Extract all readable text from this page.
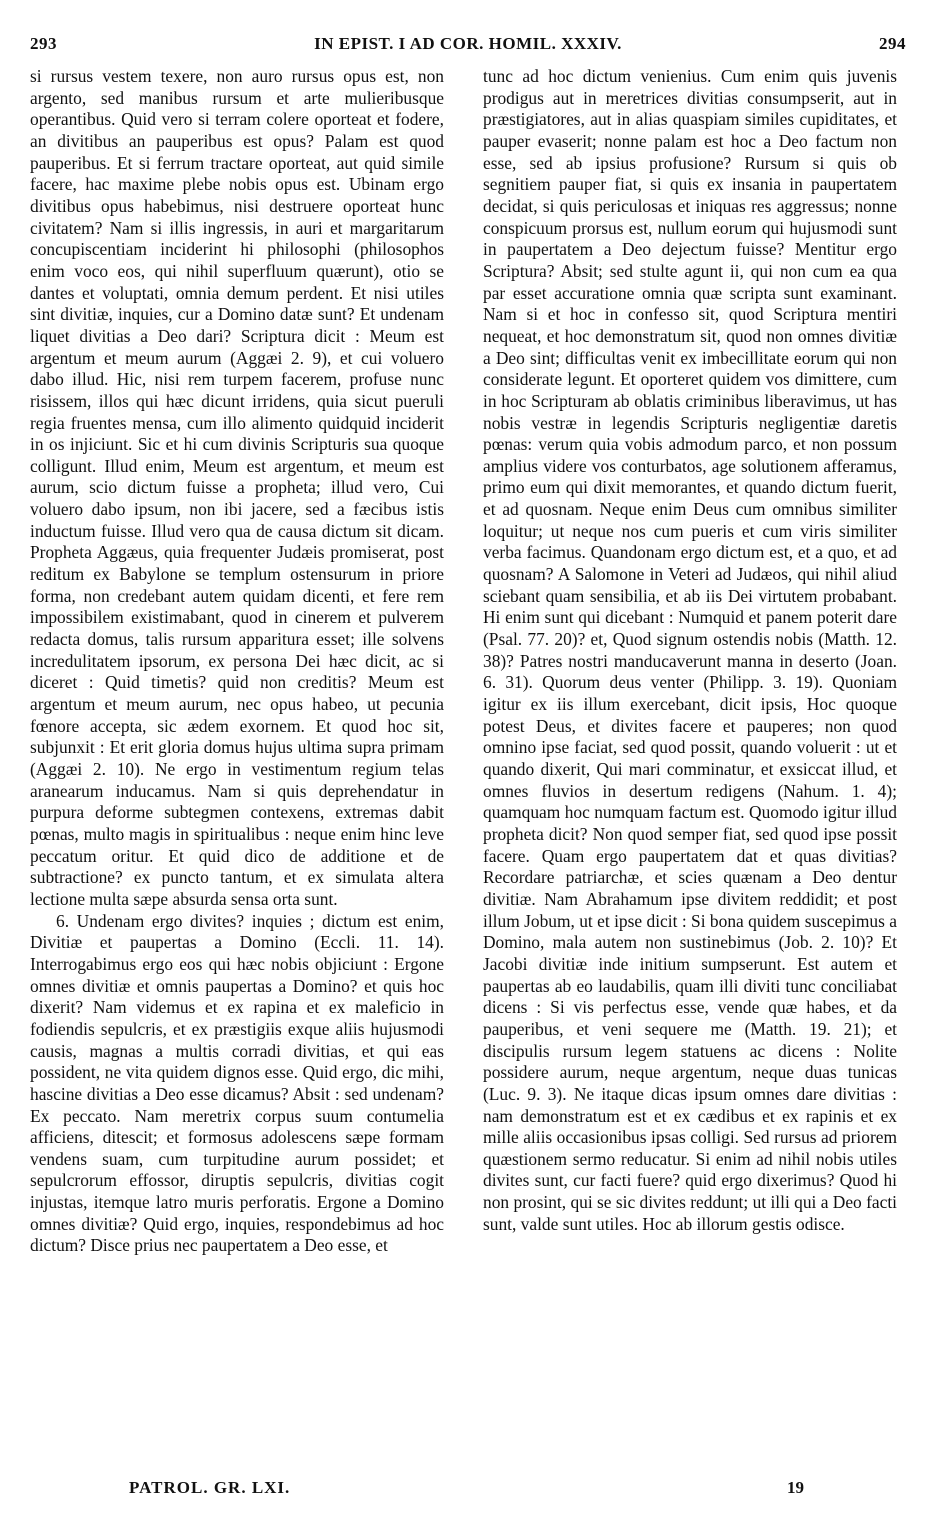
293	IN EPIST. I AD COR. HOMIL. XXXIV.	294

si rursus vestem texere, non auro rursus opus est, non argento, sed manibus rursum et arte mulieribusque operantibus. Quid vero si terram colere oporteat et fodere, an divitibus an pauperibus est opus? Palam est quod pauperibus. Et si ferrum tractare oporteat, aut quid simile facere, hac maxime plebe nobis opus est. Ubinam ergo divitibus opus habebimus, nisi destruere oporteat hunc civitatem? Nam si illis ingressis, in auri et margaritarum concupiscentiam inciderint hi philosophi (philosophos enim voco eos, qui nihil superfluum quærunt), otio se dantes et voluptati, omnia demum perdent. Et nisi utiles sint divitiæ, inquies, cur a Domino datæ sunt? Et undenam liquet divitias a Deo dari? Scriptura dicit : Meum est argentum et meum aurum (Aggæi 2. 9), et cui voluero dabo illud. Hic, nisi rem turpem facerem, profuse nunc risissem, illos qui hæc dicunt irridens, quia sicut pueruli regia fruentes mensa, cum illo alimento quidquid inciderit in os injiciunt. Sic et hi cum divinis Scripturis sua quoque colligunt. Illud enim, Meum est argentum, et meum est aurum, scio dictum fuisse a propheta; illud vero, Cui voluero dabo ipsum, non ibi jacere, sed a fæcibus istis inductum fuisse. Illud vero qua de causa dictum sit dicam. Propheta Aggæus, quia frequenter Judæis promiserat, post reditum ex Babylone se templum ostensurum in priore forma, non credebant autem quidam dicenti, et fere rem impossibilem existimabant, quod in cinerem et pulverem redacta domus, talis rursum apparitura esset; ille solvens incredulitatem ipsorum, ex persona Dei hæc dicit, ac si diceret : Quid timetis? quid non creditis? Meum est argentum et meum aurum, nec opus habeo, ut pecunia fœnore accepta, sic ædem exornem. Et quod hoc sit, subjunxit : Et erit gloria domus hujus ultima supra primam (Aggæi 2. 10). Ne ergo in vestimentum regium telas aranearum inducamus. Nam si quis deprehendatur in purpura deforme subtegmen contexens, extremas dabit pœnas, multo magis in spiritualibus : neque enim hinc leve peccatum oritur. Et quid dico de additione et de subtractione? ex puncto tantum, et ex simulata altera lectione multa sæpe absurda sensa orta sunt.

6. Undenam ergo divites? inquies ; dictum est enim, Divitiæ et paupertas a Domino (Eccli. 11. 14). Interrogabimus ergo eos qui hæc nobis objiciunt : Ergone omnes divitiæ et omnis paupertas a Domino? et quis hoc dixerit? Nam videmus et ex rapina et ex maleficio in fodiendis sepulcris, et ex præstigiis exque aliis hujusmodi causis, magnas a multis corradi divitias, et qui eas possident, ne vita quidem dignos esse. Quid ergo, dic mihi, hascine divitias a Deo esse dicamus? Absit : sed undenam? Ex peccato. Nam meretrix corpus suum contumelia afficiens, ditescit; et formosus adolescens sæpe formam vendens suam, cum turpitudine aurum possidet; et sepulcrorum effossor, diruptis sepulcris, divitias cogit injustas, itemque latro muris perforatis. Ergone a Domino omnes divitiæ? Quid ergo, inquies, respondebimus ad hoc dictum? Disce prius nec paupertatem a Deo esse, et

tunc ad hoc dictum venienius. Cum enim quis juvenis prodigus aut in meretrices divitias consumpserit, aut in præstigiatores, aut in alias quaspiam similes cupiditates, et pauper evaserit; nonne palam est hoc a Deo factum non esse, sed ab ipsius profusione? Rursum si quis ob segnitiem pauper fiat, si quis ex insania in paupertatem decidat, si quis periculosas et iniquas res aggressus; nonne conspicuum prorsus est, nullum eorum qui hujusmodi sunt in paupertatem a Deo dejectum fuisse? Mentitur ergo Scriptura? Absit; sed stulte agunt ii, qui non cum ea qua par esset accuratione omnia quæ scripta sunt examinant. Nam si et hoc in confesso sit, quod Scriptura mentiri nequeat, et hoc demonstratum sit, quod non omnes divitiæ a Deo sint; difficultas venit ex imbecillitate eorum qui non considerate legunt. Et oporteret quidem vos dimittere, cum in hoc Scripturam ab oblatis criminibus liberavimus, ut has nobis vestræ in legendis Scripturis negligentiæ daretis pœnas: verum quia vobis admodum parco, et non possum amplius videre vos conturbatos, age solutionem afferamus, primo eum qui dixit memorantes, et quando dictum fuerit, et ad quosnam. Neque enim Deus cum omnibus similiter loquitur; ut neque nos cum pueris et cum viris similiter verba facimus. Quandonam ergo dictum est, et a quo, et ad quosnam? A Salomone in Veteri ad Judæos, qui nihil aliud sciebant quam sensibilia, et ab iis Dei virtutem probabant. Hi enim sunt qui dicebant : Numquid et panem poterit dare (Psal. 77. 20)? et, Quod signum ostendis nobis (Matth. 12. 38)? Patres nostri manducaverunt manna in deserto (Joan. 6. 31). Quorum deus venter (Philipp. 3. 19). Quoniam igitur ex iis illum exercebant, dicit ipsis, Hoc quoque potest Deus, et divites facere et pauperes; non quod omnino ipse faciat, sed quod possit, quando voluerit : ut et quando dixerit, Qui mari comminatur, et exsiccat illud, et omnes fluvios in desertum redigens (Nahum. 1. 4); quamquam hoc numquam factum est. Quomodo igitur illud propheta dicit? Non quod semper fiat, sed quod ipse possit facere. Quam ergo paupertatem dat et quas divitias? Recordare patriarchæ, et scies quænam a Deo dentur divitiæ. Nam Abrahamum ipse divitem reddidit; et post illum Jobum, ut et ipse dicit : Si bona quidem suscepimus a Domino, mala autem non sustinebimus (Job. 2. 10)? Et Jacobi divitiæ inde initium sumpserunt. Est autem et paupertas ab eo laudabilis, quam illi diviti tunc conciliabat dicens : Si vis perfectus esse, vende quæ habes, et da pauperibus, et veni sequere me (Matth. 19. 21); et discipulis rursum legem statuens ac dicens : Nolite possidere aurum, neque argentum, neque duas tunicas (Luc. 9. 3). Ne itaque dicas ipsum omnes dare divitias : nam demonstratum est et ex cædibus et ex rapinis et ex mille aliis occasionibus ipsas colligi. Sed rursus ad priorem quæstionem sermo reducatur. Si enim ad nihil nobis utiles divites sunt, cur facti fuere? quid ergo dixerimus? Quod hi non prosint, qui se sic divites reddunt; ut illi qui a Deo facti sunt, valde sunt utiles. Hoc ab illorum gestis odisce.

PATROL. GR. LXI.	19
